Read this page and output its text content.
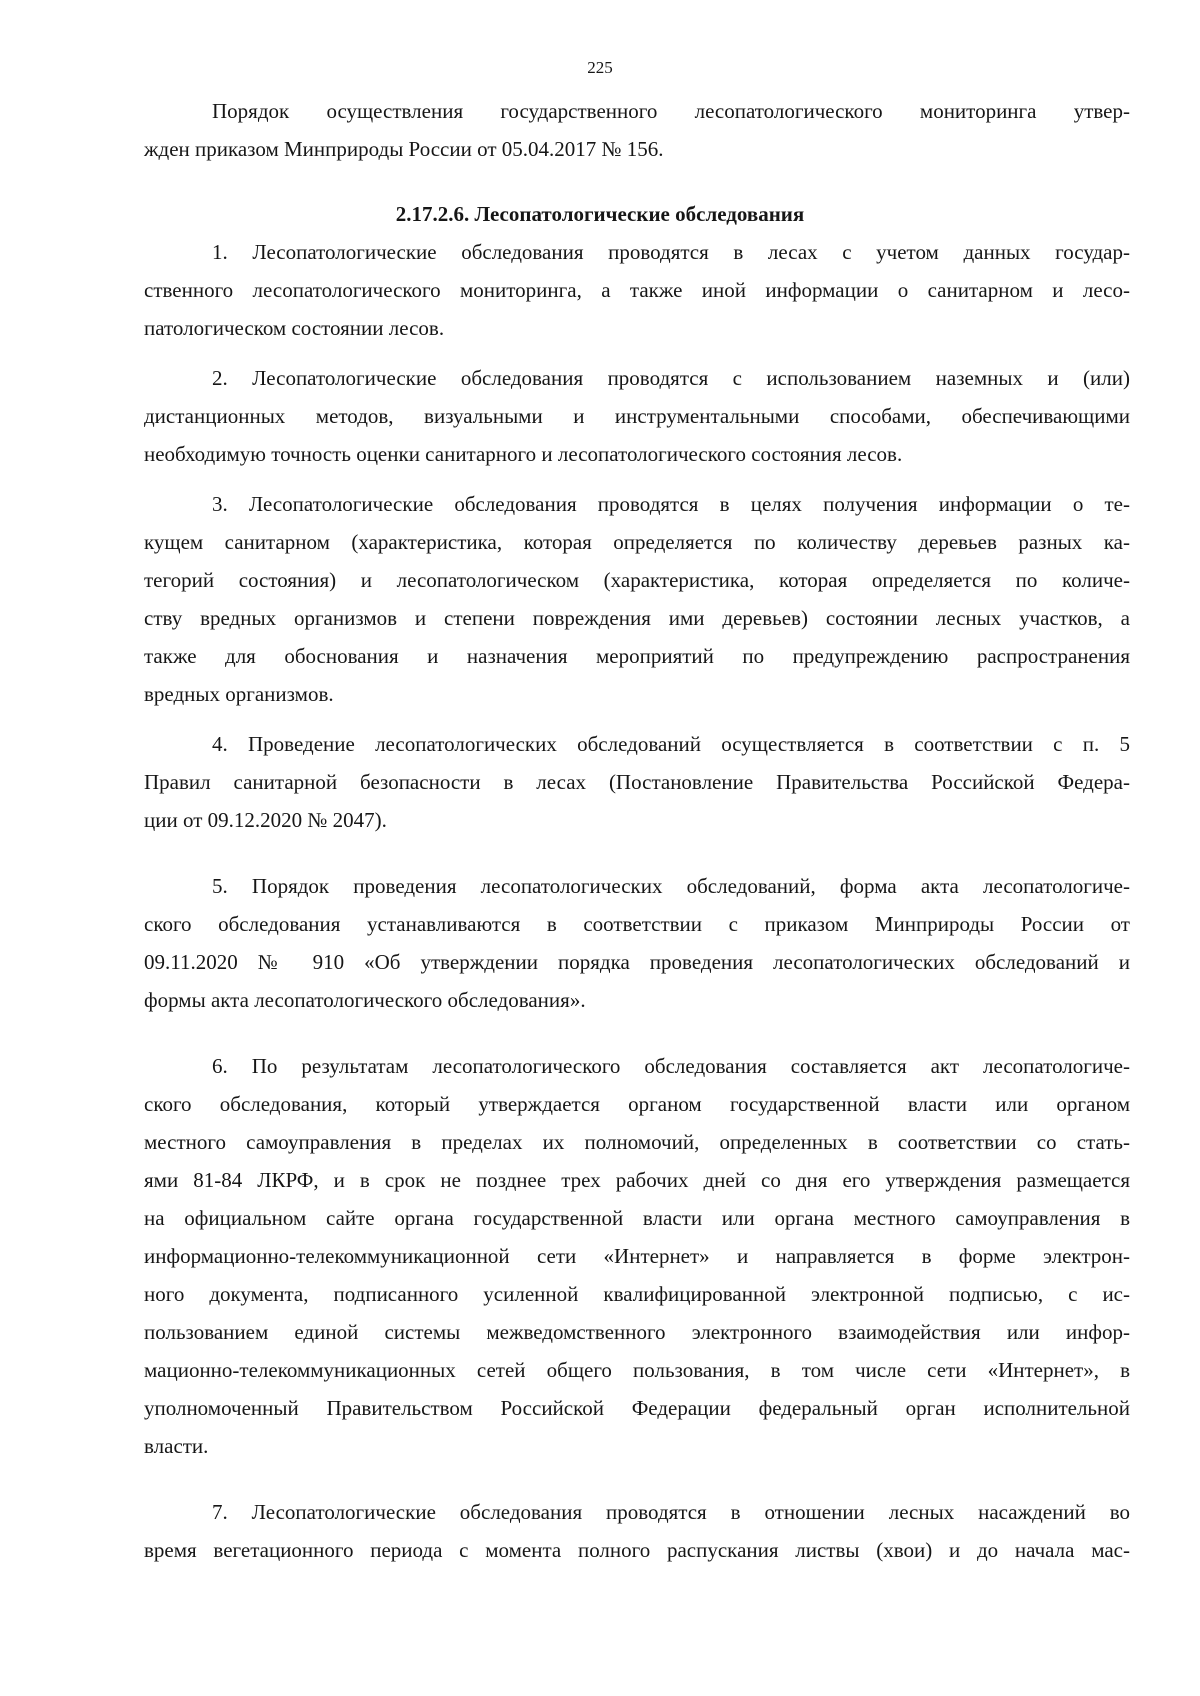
225
Порядок осуществления государственного лесопатологического мониторинга утвер-
жден приказом Минприроды России от 05.04.2017 № 156.
2.17.2.6. Лесопатологические обследования
1. Лесопатологические обследования проводятся в лесах с учетом данных государ-
ственного лесопатологического мониторинга, а также иной информации о санитарном и лесо-
патологическом состоянии лесов.
2. Лесопатологические обследования проводятся с использованием наземных и (или)
дистанционных методов, визуальными и инструментальными способами, обеспечивающими
необходимую точность оценки санитарного и лесопатологического состояния лесов.
3. Лесопатологические обследования проводятся в целях получения информации о те-
кущем санитарном (характеристика, которая определяется по количеству деревьев разных ка-
тегорий состояния) и лесопатологическом (характеристика, которая определяется по количе-
ству вредных организмов и степени повреждения ими деревьев) состоянии лесных участков, а
также для обоснования и назначения мероприятий по предупреждению распространения
вредных организмов.
4. Проведение лесопатологических обследований осуществляется в соответствии с п. 5
Правил санитарной безопасности в лесах (Постановление Правительства Российской Федера-
ции от 09.12.2020 № 2047).
5. Порядок проведения лесопатологических обследований, форма акта лесопатологиче-
ского обследования устанавливаются в соответствии с приказом Минприроды России от
09.11.2020 № 910 «Об утверждении порядка проведения лесопатологических обследований и
формы акта лесопатологического обследования».
6. По результатам лесопатологического обследования составляется акт лесопатологиче-
ского обследования, который утверждается органом государственной власти или органом
местного самоуправления в пределах их полномочий, определенных в соответствии со стать-
ями 81-84 ЛКРФ, и в срок не позднее трех рабочих дней со дня его утверждения размещается
на официальном сайте органа государственной власти или органа местного самоуправления в
информационно-телекоммуникационной сети «Интернет» и направляется в форме электрон-
ного документа, подписанного усиленной квалифицированной электронной подписью, с ис-
пользованием единой системы межведомственного электронного взаимодействия или инфор-
мационно-телекоммуникационных сетей общего пользования, в том числе сети «Интернет», в
уполномоченный Правительством Российской Федерации федеральный орган исполнительной
власти.
7. Лесопатологические обследования проводятся в отношении лесных насаждений во
время вегетационного периода с момента полного распускания листвы (хвои) и до начала мас-
